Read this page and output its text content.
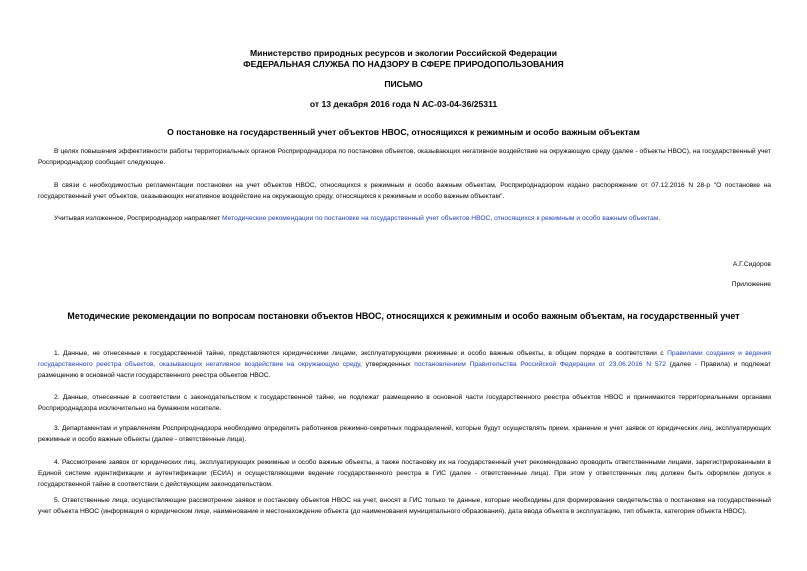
Министерство природных ресурсов и экологии Российской Федерации
ФЕДЕРАЛЬНАЯ СЛУЖБА ПО НАДЗОРУ В СФЕРЕ ПРИРОДОПОЛЬЗОВАНИЯ
ПИСЬМО
от 13 декабря 2016 года N АС-03-04-36/25311
О постановке на государственный учет объектов НВОС, относящихся к режимным и особо важным объектам

В целях повышения эффективности работы территориальных органов Росприроднадзора по постановке объектов, оказывающих негативное воздействие на окружающую среду (далее - объекты НВОС), на государственный учет Росприроднадзор сообщает следующее.

В связи с необходимостью регламентации постановки на учет объектов НВОС, относящихся к режимным и особо важным объектам, Росприроднадзором издано распоряжение от 07.12.2016 N 28-р "О постановке на государственный учет объектов, оказывающих негативное воздействие на окружающую среду, относящихся к режимным и особо важным объектам".

Учитывая изложенное, Росприроднадзор направляет Методические рекомендации по постановке на государственный учет объектов НВОС, относящихся к режимным и особо важным объектам.

А.Г.Сидоров
Приложение
Методические рекомендации по вопросам постановки объектов НВОС, относящихся к режимным и особо важным объектам, на государственный учет

1. Данные, не отнесенные к государственной тайне, представляются юридическими лицами, эксплуатирующими режимные и особо важные объекты, в общем порядке в соответствии с Правилами создания и ведения государственного реестра объектов, оказывающих негативное воздействие на окружающую среду, утвержденных постановлением Правительства Российской Федерации от 23.06.2016 N 572 (далее - Правила) и подлежат размещению в основной части государственного реестра объектов НВОС.

2. Данные, отнесенные в соответствии с законодательством к государственной тайне, не подлежат размещению в основной части государственного реестра объектов НВОС и принимаются территориальными органами Росприроднадзора исключительно на бумажном носителе.

3. Департаментам и управлениям Росприроднадзора необходимо определить работников режимно-секретных подразделений, которые будут осуществлять прием, хранение и учет заявок от юридических лиц, эксплуатирующих режимные и особо важные объекты (далее - ответственные лица).

4. Рассмотрение заявок от юридических лиц, эксплуатирующих режимные и особо важные объекты, а также постановку их на государственный учет рекомендовано проводить ответственными лицами, зарегистрированными в Единой системе идентификации и аутентификации (ЕСИА) и осуществляющими ведение государственного реестра в ГИС (далее - ответственные лица). При этом у ответственных лиц должен быть оформлен допуск к государственной тайне в соответствии с действующим законодательством.

5. Ответственные лица, осуществляющие рассмотрение заявок и постановку объектов НВОС на учет, вносят в ГИС только те данные, которые необходимы для формирования свидетельства о постановке на государственный учет объекта НВОС (информация о юридическом лице, наименование и местонахождение объекта (до наименования муниципального образования), дата ввода объекта в эксплуатацию, тип объекта, категория объекта НВОС).
